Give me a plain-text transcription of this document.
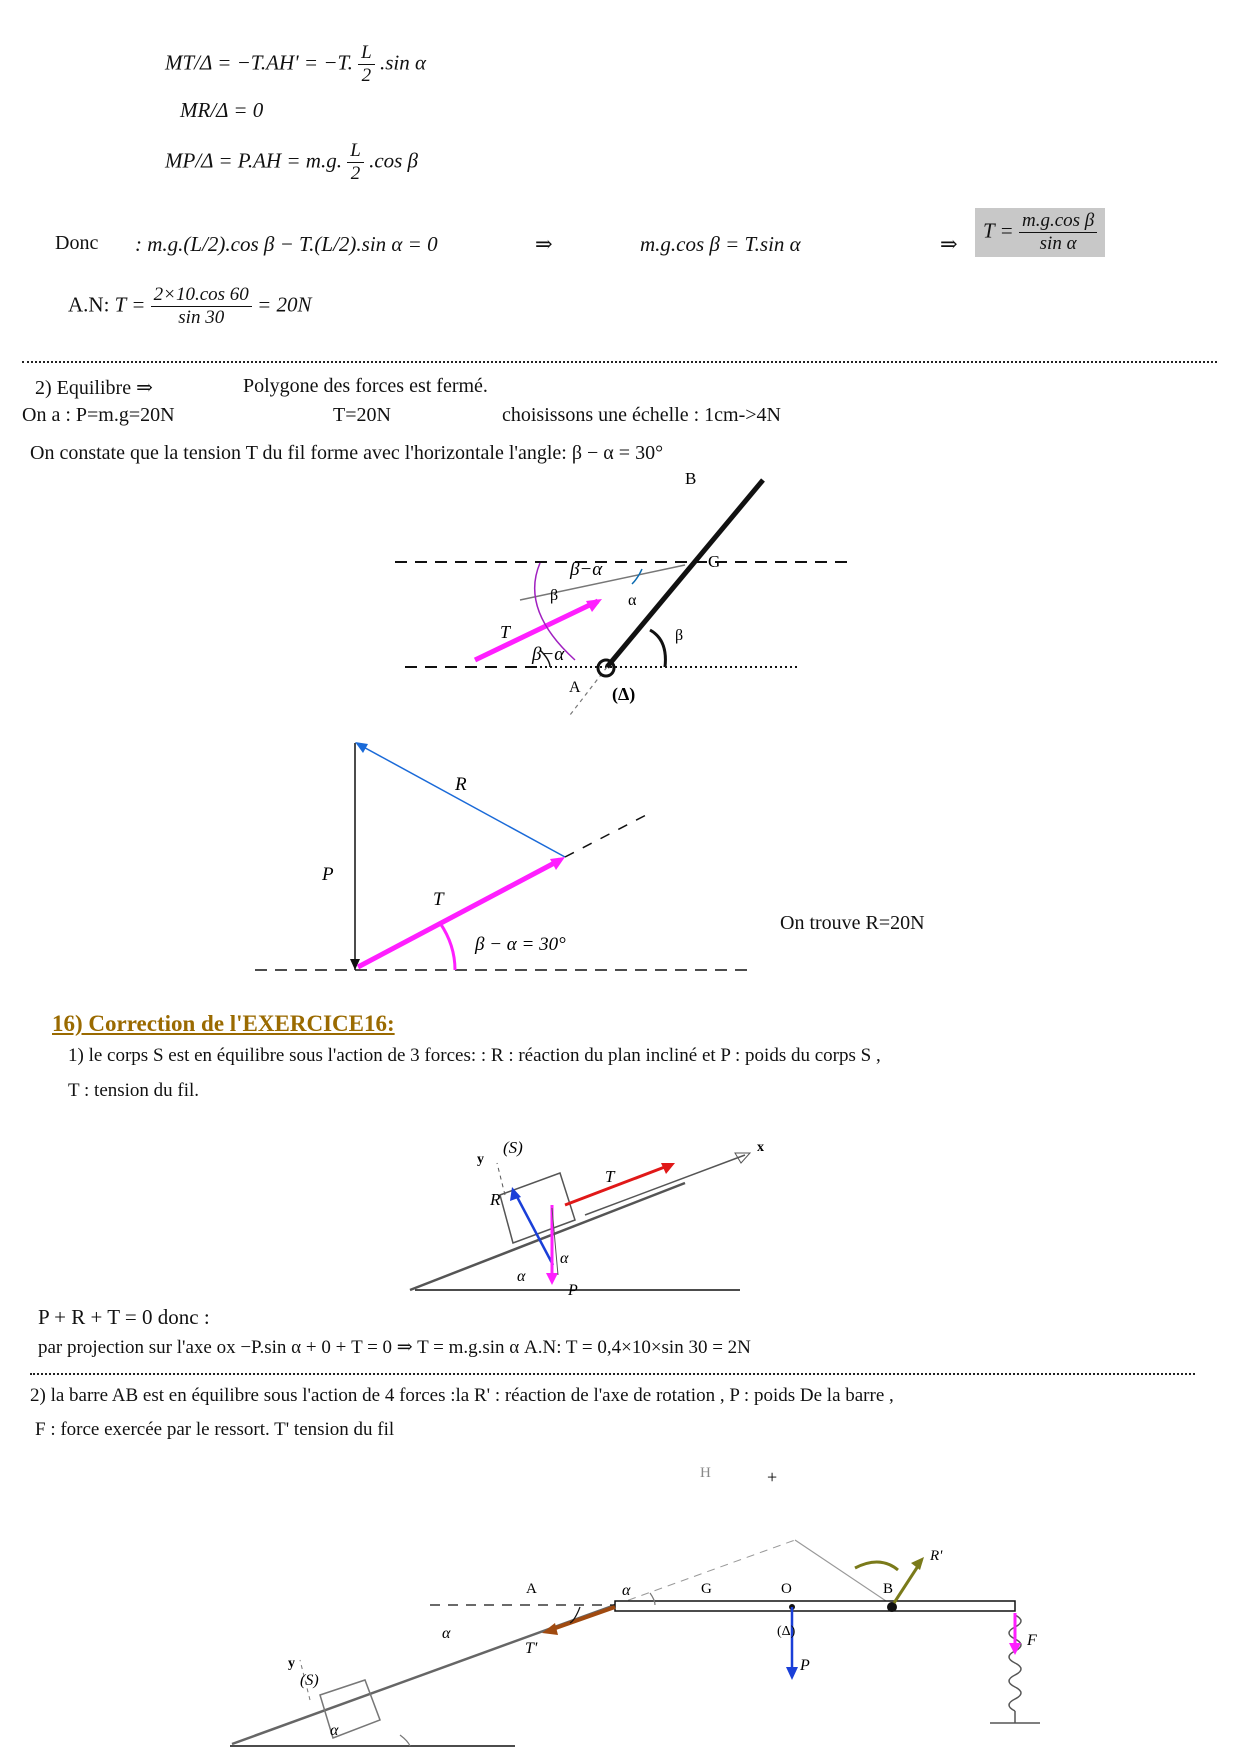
MT/Δ = −T.AH' = −T. $\frac{L}{2} .\sin$ α
MR/Δ = 0
MP/Δ = P.AH = m.g. $\frac{L}{2} .\cos$ β
Donc : m.g.(L/2).cos β − T.(L/2).sin α = 0	⇒	m.g.cos β = T.sin α	⇒
$T = \frac{\text{m.g.cos β}}{\text{sin α}}$
A.N: $T = \frac{2\times 10.\cos 60}{\sin 30} = 20N$
2) Equilibre ⇒	Polygone des forces est fermé.
On a : P=m.g=20N	T=20N	choisissons une échelle : 1cm->4N
On constate que la tension T du fil forme avec l'horizontale l'angle: β − α = 30°
B
G
A (Δ)
β
β
β−α
β−α
α
T
R
P
T
β − α = 30°
On trouve R=20N
16) Correction de l'EXERCICE16:
1) le corps S est en équilibre sous l'action de 3 forces: : R : réaction du plan incliné et P : poids du corps S ,
T : tension du fil.
x
y
(S)
T
R
P
α
α
P + R + T = 0 donc :
par projection sur l'axe ox −P.sin α + 0 + T = 0 ⇒ T = m.g.sin α A.N: T = 0,4×10×sin 30 = 2N
2) la barre AB est en équilibre sous l'action de 4 forces :la R' : réaction de l'axe de rotation , P : poids De la barre ,
F : force exercée par le ressort. T' tension du fil
H	+
R'
(S)
A	G	O	B
(Δ)
α
α
α
y
T'
P
F
